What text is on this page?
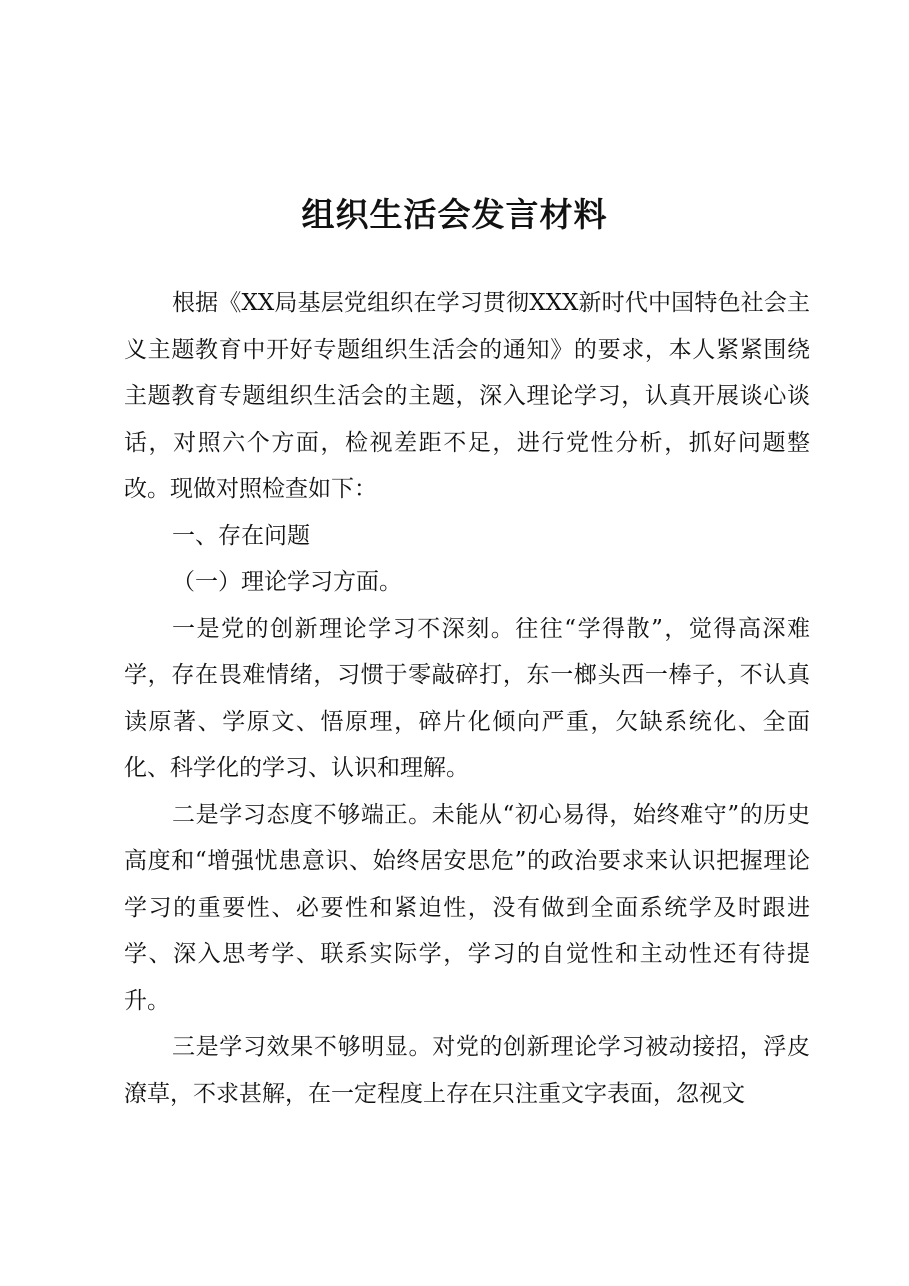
组织生活会发言材料

根据《XX局基层党组织在学习贯彻XXX新时代中国特色社会主义主题教育中开好专题组织生活会的通知》的要求，本人紧紧围绕主题教育专题组织生活会的主题，深入理论学习，认真开展谈心谈话，对照六个方面，检视差距不足，进行党性分析，抓好问题整改。现做对照检查如下：

一、存在问题

（一）理论学习方面。

一是党的创新理论学习不深刻。往往“学得散”，觉得高深难学，存在畏难情绪，习惯于零敲碎打，东一榔头西一棒子，不认真读原著、学原文、悟原理，碎片化倾向严重，欠缺系统化、全面化、科学化的学习、认识和理解。

二是学习态度不够端正。未能从“初心易得，始终难守”的历史高度和“增强忧患意识、始终居安思危”的政治要求来认识把握理论学习的重要性、必要性和紧迫性，没有做到全面系统学及时跟进学、深入思考学、联系实际学，学习的自觉性和主动性还有待提升。

三是学习效果不够明显。对党的创新理论学习被动接招，浮皮潦草，不求甚解，在一定程度上存在只注重文字表面，忽视文
